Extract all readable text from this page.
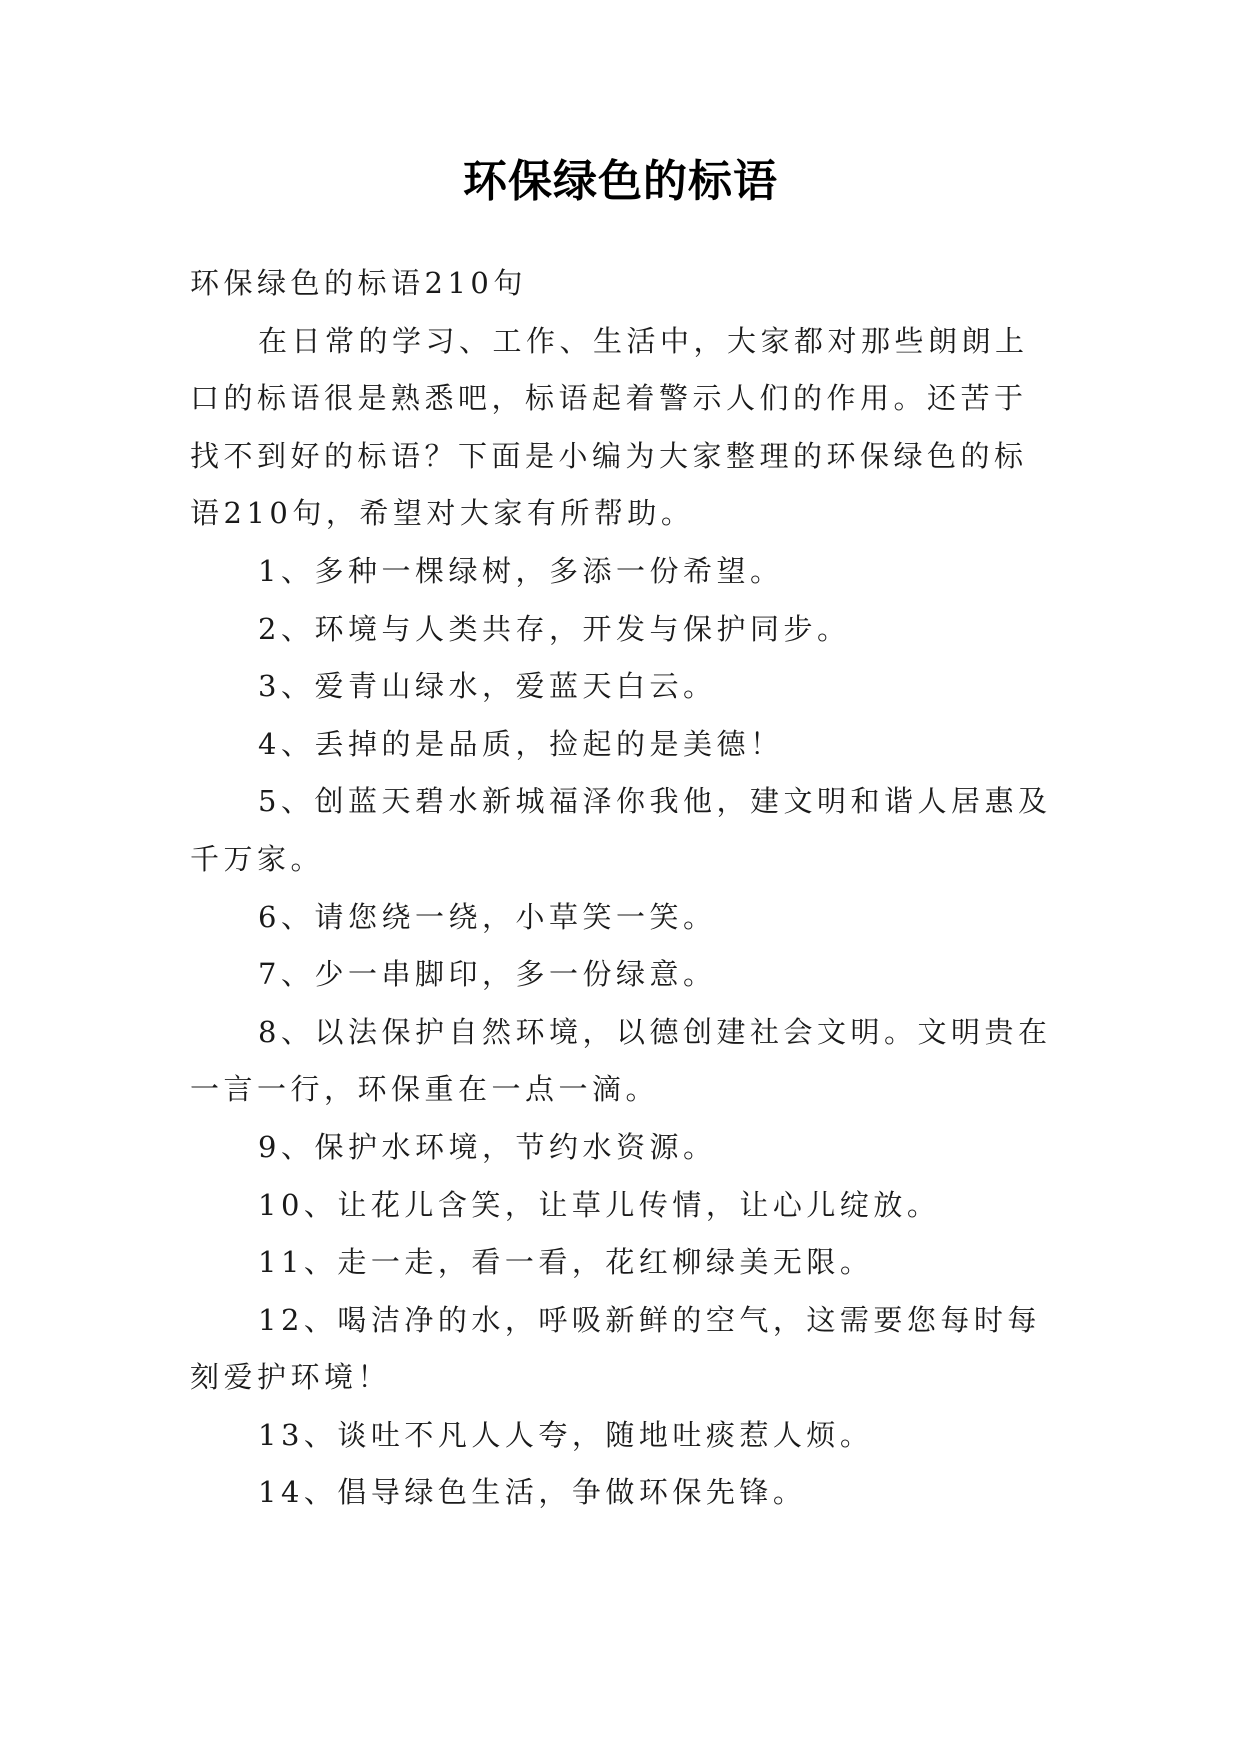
环保绿色的标语

环保绿色的标语210句

在日常的学习、工作、生活中，大家都对那些朗朗上口的标语很是熟悉吧，标语起着警示人们的作用。还苦于找不到好的标语？下面是小编为大家整理的环保绿色的标语210句，希望对大家有所帮助。

1、多种一棵绿树，多添一份希望。

2、环境与人类共存，开发与保护同步。

3、爱青山绿水，爱蓝天白云。

4、丢掉的是品质，捡起的是美德！

5、创蓝天碧水新城福泽你我他，建文明和谐人居惠及千万家。

6、请您绕一绕，小草笑一笑。

7、少一串脚印，多一份绿意。

8、以法保护自然环境，以德创建社会文明。文明贵在一言一行，环保重在一点一滴。

9、保护水环境，节约水资源。

10、让花儿含笑，让草儿传情，让心儿绽放。

11、走一走，看一看，花红柳绿美无限。

12、喝洁净的水，呼吸新鲜的空气，这需要您每时每刻爱护环境！

13、谈吐不凡人人夸，随地吐痰惹人烦。

14、倡导绿色生活，争做环保先锋。
